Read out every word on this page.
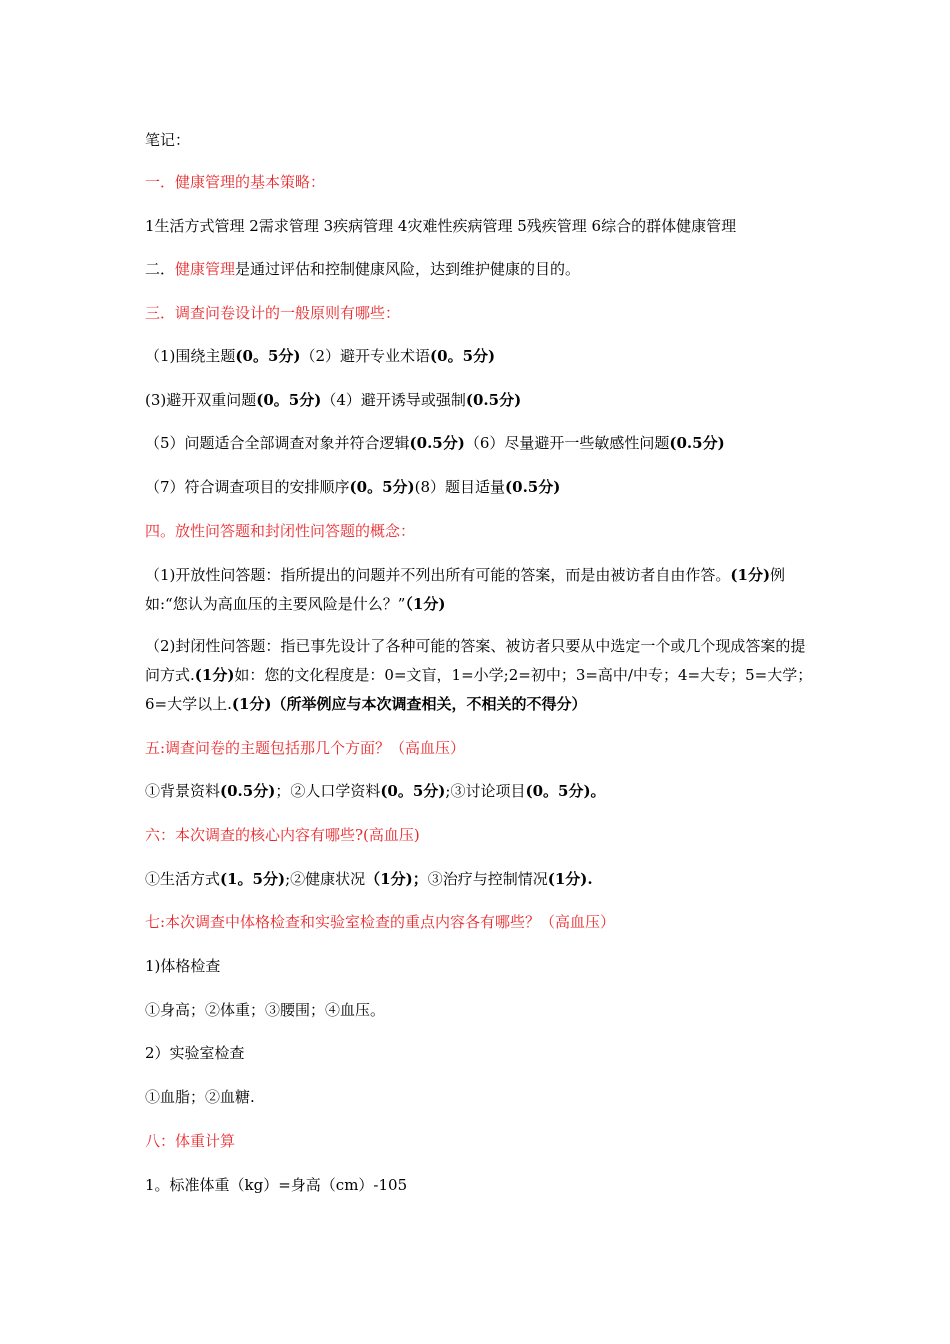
笔记：
一．健康管理的基本策略：
1生活方式管理 2需求管理 3疾病管理 4灾难性疾病管理 5残疾管理 6综合的群体健康管理
二．健康管理是通过评估和控制健康风险，达到维护健康的目的。
三．调查问卷设计的一般原则有哪些：
（1)围绕主题(0。5分)（2）避开专业术语(0。5分)
(3)避开双重问题(0。5分)（4）避开诱导或强制(0.5分)
（5）问题适合全部调查对象并符合逻辑(0.5分)（6）尽量避开一些敏感性问题(0.5分)
（7）符合调查项目的安排顺序(0。5分)(8）题目适量(0.5分)
四。放性问答题和封闭性问答题的概念：
（1)开放性问答题：指所提出的问题并不列出所有可能的答案，而是由被访者自由作答。(1分)例如:“您认为高血压的主要风险是什么？”（1分)
（2)封闭性问答题：指已事先设计了各种可能的答案、被访者只要从中选定一个或几个现成答案的提问方式.(1分)如：您的文化程度是：0=文盲，1=小学;2=初中；3=高中/中专；4=大专；5=大学；6=大学以上.(1分)（所举例应与本次调查相关，不相关的不得分）
五:调查问卷的主题包括那几个方面？（高血压）
①背景资料(0.5分)；②人口学资料(0。5分);③讨论项目(0。5分)。
六：本次调查的核心内容有哪些?(高血压)
①生活方式(1。5分);②健康状况（1分)；③治疗与控制情况(1分).
七:本次调查中体格检查和实验室检查的重点内容各有哪些？（高血压）
1)体格检查
①身高；②体重；③腰围；④血压。
2）实验室检查
①血脂；②血糖.
八：体重计算
1。标准体重（kg）=身高（cm）-105
